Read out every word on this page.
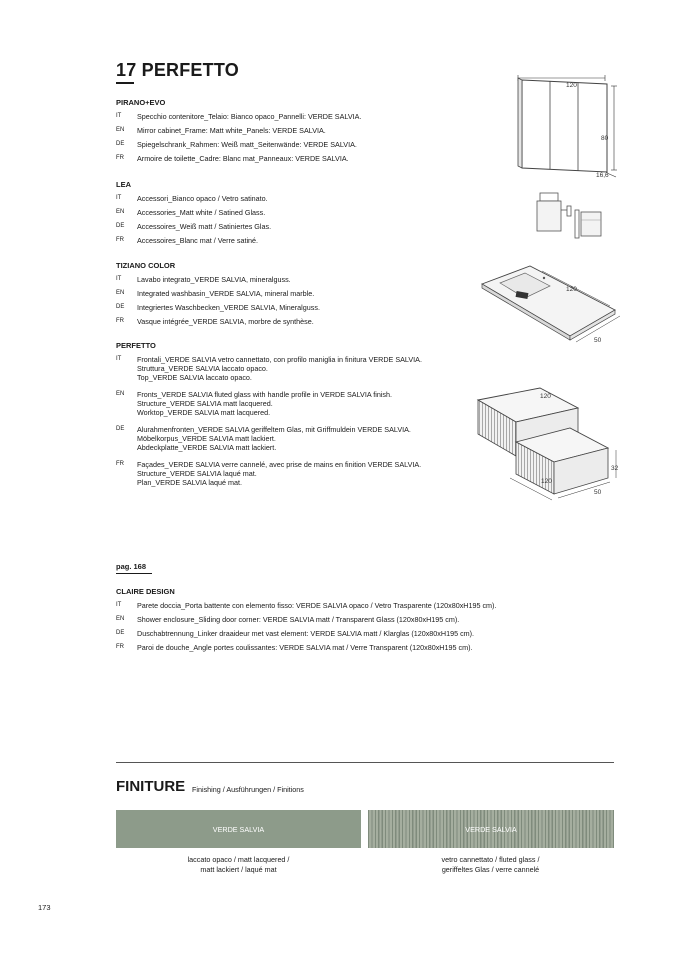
17 PERFETTO
PIRANO+EVO
IT	Specchio contenitore_Telaio: Bianco opaco_Pannelli: VERDE SALVIA.
EN	Mirror cabinet_Frame: Matt white_Panels: VERDE SALVIA.
DE	Spiegelschrank_Rahmen: Weiß matt_Seitenwände: VERDE SALVIA.
FR	Armoire de toilette_Cadre: Blanc mat_Panneaux: VERDE SALVIA.
LEA
IT	Accessori_Bianco opaco / Vetro satinato.
EN	Accessories_Matt white / Satined Glass.
DE	Accessoires_Weiß matt / Satiniertes Glas.
FR	Accessoires_Blanc mat / Verre satiné.
TIZIANO COLOR
IT	Lavabo integrato_VERDE SALVIA, mineralguss.
EN	Integrated washbasin_VERDE SALVIA, mineral marble.
DE	Integriertes Waschbecken_VERDE SALVIA, Mineralguss.
FR	Vasque intégrée_VERDE SALVIA, morbre de synthèse.
PERFETTO
IT	Frontali_VERDE SALVIA vetro cannettato, con profilo maniglia in finitura VERDE SALVIA.
Struttura_VERDE SALVIA laccato opaco.
Top_VERDE SALVIA laccato opaco.
EN	Fronts_VERDE SALVIA fluted glass with handle profile in VERDE SALVIA finish.
Structure_VERDE SALVIA matt lacquered.
Worktop_VERDE SALVIA matt lacquered.
DE	Alurahmenfronten_VERDE SALVIA geriffeltem Glas, mit Griffmuldein VERDE SALVIA.
Möbelkorpus_VERDE SALVIA matt lackiert.
Abdeckplatte_VERDE SALVIA matt lackiert.
FR	Façades_VERDE SALVIA verre cannelé, avec prise de mains en finition VERDE SALVIA.
Structure_VERDE SALVIA laqué mat.
Plan_VERDE SALVIA laqué mat.
120
80
16,6
120
50
120
32
120
50
pag. 168
CLAIRE DESIGN
IT	Parete doccia_Porta battente con elemento fisso: VERDE SALVIA opaco / Vetro Trasparente (120x80xH195 cm).
EN	Shower enclosure_Sliding door corner: VERDE SALVIA matt / Transparent Glass (120x80xH195 cm).
DE	Duschabtrennung_Linker draaideur met vast element: VERDE SALVIA matt / Klarglas (120x80xH195 cm).
FR	Paroi de douche_Angle portes coulissantes: VERDE SALVIA mat / Verre Transparent (120x80xH195 cm).
FINITURE Finishing / Ausführungen / Finitions
VERDE SALVIA	VERDE SALVIA
laccato opaco / matt lacquered /
matt lackiert / laqué mat
vetro cannettato / fluted glass /
geriffeltes Glas / verre cannelé
173
